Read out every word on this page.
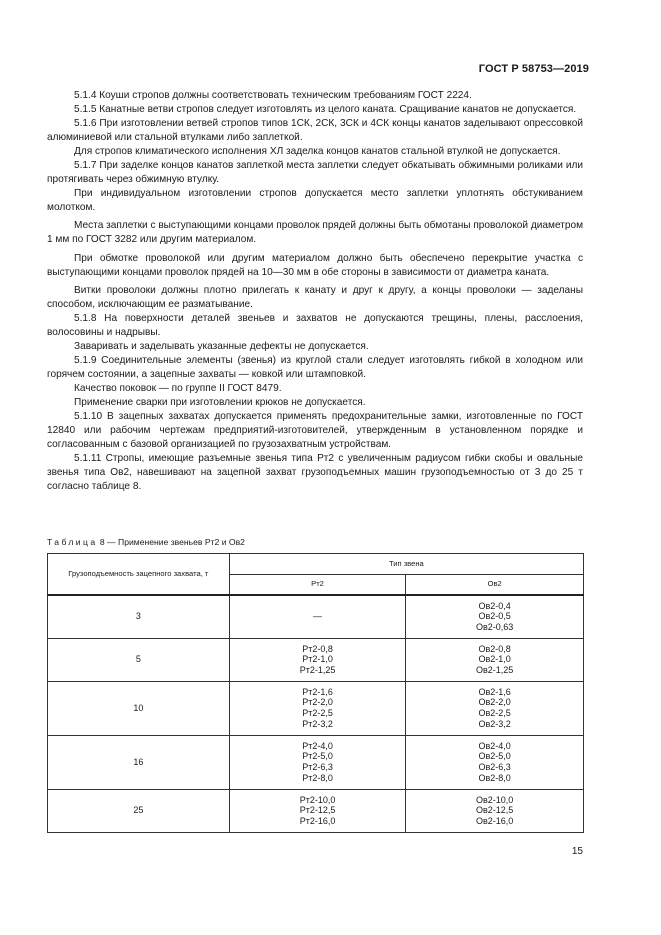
ГОСТ Р 58753—2019

5.1.4 Коуши стропов должны соответствовать техническим требованиям ГОСТ 2224.

5.1.5 Канатные ветви стропов следует изготовлять из целого каната. Сращивание канатов не допускается.

5.1.6 При изготовлении ветвей стропов типов 1СК, 2СК, 3СК и 4СК концы канатов заделывают опрессовкой алюминиевой или стальной втулками либо заплеткой.

Для стропов климатического исполнения ХЛ заделка концов канатов стальной втулкой не допускается.

5.1.7 При заделке концов канатов заплеткой места заплетки следует обкатывать обжимными роликами или протягивать через обжимную втулку.

При индивидуальном изготовлении стропов допускается место заплетки уплотнять обстукиванием молотком.

Места заплетки с выступающими концами проволок прядей должны быть обмотаны проволокой диаметром 1 мм по ГОСТ 3282 или другим материалом.

При обмотке проволокой или другим материалом должно быть обеспечено перекрытие участка с выступающими концами проволок прядей на 10—30 мм в обе стороны в зависимости от диаметра каната.

Витки проволоки должны плотно прилегать к канату и друг к другу, а концы проволоки — заделаны способом, исключающим ее разматывание.

5.1.8 На поверхности деталей звеньев и захватов не допускаются трещины, плены, расслоения, волосовины и надрывы.

Заваривать и заделывать указанные дефекты не допускается.

5.1.9 Соединительные элементы (звенья) из круглой стали следует изготовлять гибкой в холодном или горячем состоянии, а зацепные захваты — ковкой или штамповкой.

Качество поковок — по группе II ГОСТ 8479.

Применение сварки при изготовлении крюков не допускается.

5.1.10 В зацепных захватах допускается применять предохранительные замки, изготовленные по ГОСТ 12840 или рабочим чертежам предприятий-изготовителей, утвержденным в установленном порядке и согласованным с базовой организацией по грузозахватным устройствам.

5.1.11 Стропы, имеющие разъемные звенья типа Рт2 с увеличенным радиусом гибки скобы и овальные звенья типа Ов2, навешивают на зацепной захват грузоподъемных машин грузоподъемностью от 3 до 25 т согласно таблице 8.

Таблица 8 — Применение звеньев Рт2 и Ов2
Грузоподъемность зацепного захвата, т	Тип звена
Рт2	Ов2
3	—

Ов2-0,4
Ов2-0,5
Ов2-0,63

5	
Рт2-0,8
Рт2-1,0
Рт2-1,25

Ов2-0,8
Ов2-1,0
Ов2-1,25

10	
Рт2-1,6
Рт2-2,0
Рт2-2,5
Рт2-3,2

Ов2-1,6
Ов2-2,0
Ов2-2,5
Ов2-3,2

16	
Рт2-4,0
Рт2-5,0
Рт2-6,3
Рт2-8,0

Ов2-4,0
Ов2-5,0
Ов2-6,3
Ов2-8,0

25	
Рт2-10,0
Рт2-12,5
Рт2-16,0

Ов2-10,0
Ов2-12,5
Ов2-16,0
15
